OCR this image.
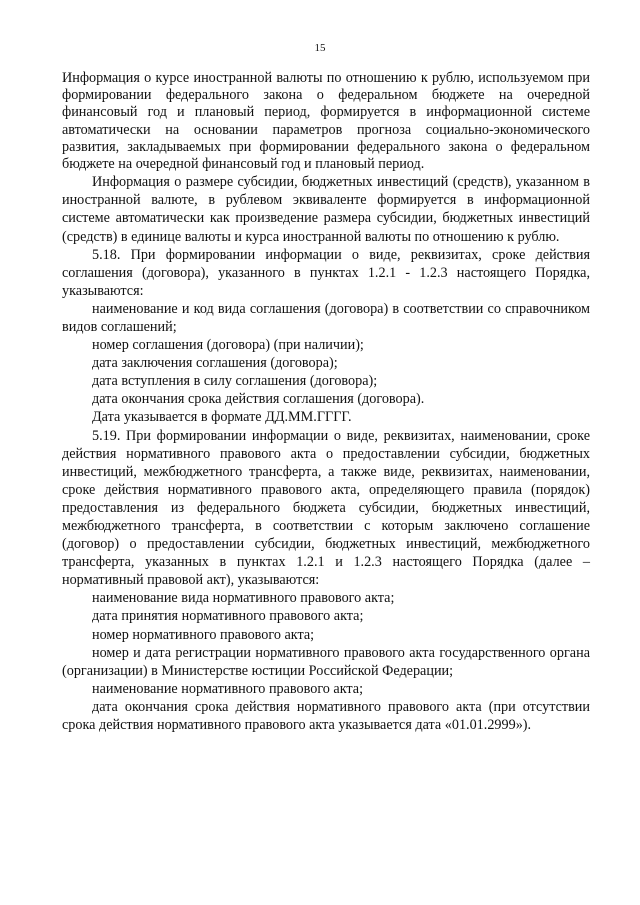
15

Информация о курсе иностранной валюты по отношению к рублю, используемом при формировании федерального закона о федеральном бюджете на очередной финансовый год и плановый период, формируется в информационной системе автоматически на основании параметров прогноза социально-экономического развития, закладываемых при формировании федерального закона о федеральном бюджете на очередной финансовый год и плановый период.

Информация о размере субсидии, бюджетных инвестиций (средств), указанном в иностранной валюте, в рублевом эквиваленте формируется в информационной системе автоматически как произведение размера субсидии, бюджетных инвестиций (средств) в единице валюты и курса иностранной валюты по отношению к рублю.

5.18. При формировании информации о виде, реквизитах, сроке действия соглашения (договора), указанного в пунктах 1.2.1 - 1.2.3 настоящего Порядка, указываются:

наименование и код вида соглашения (договора) в соответствии со справочником видов соглашений;

номер соглашения (договора) (при наличии);

дата заключения соглашения (договора);

дата вступления в силу соглашения (договора);

дата окончания срока действия соглашения (договора).

Дата указывается в формате ДД.ММ.ГГГГ.

5.19. При формировании информации о виде, реквизитах, наименовании, сроке действия нормативного правового акта о предоставлении субсидии, бюджетных инвестиций, межбюджетного трансферта, а также виде, реквизитах, наименовании, сроке действия нормативного правового акта, определяющего правила (порядок) предоставления из федерального бюджета субсидии, бюджетных инвестиций, межбюджетного трансферта, в соответствии с которым заключено соглашение (договор) о предоставлении субсидии, бюджетных инвестиций, межбюджетного трансферта, указанных в пунктах 1.2.1 и 1.2.3 настоящего Порядка (далее – нормативный правовой акт), указываются:

наименование вида нормативного правового акта;

дата принятия нормативного правового акта;

номер нормативного правового акта;

номер и дата регистрации нормативного правового акта государственного органа (организации) в Министерстве юстиции Российской Федерации;

наименование нормативного правового акта;

дата окончания срока действия нормативного правового акта (при отсутствии срока действия нормативного правового акта указывается дата «01.01.2999»).
